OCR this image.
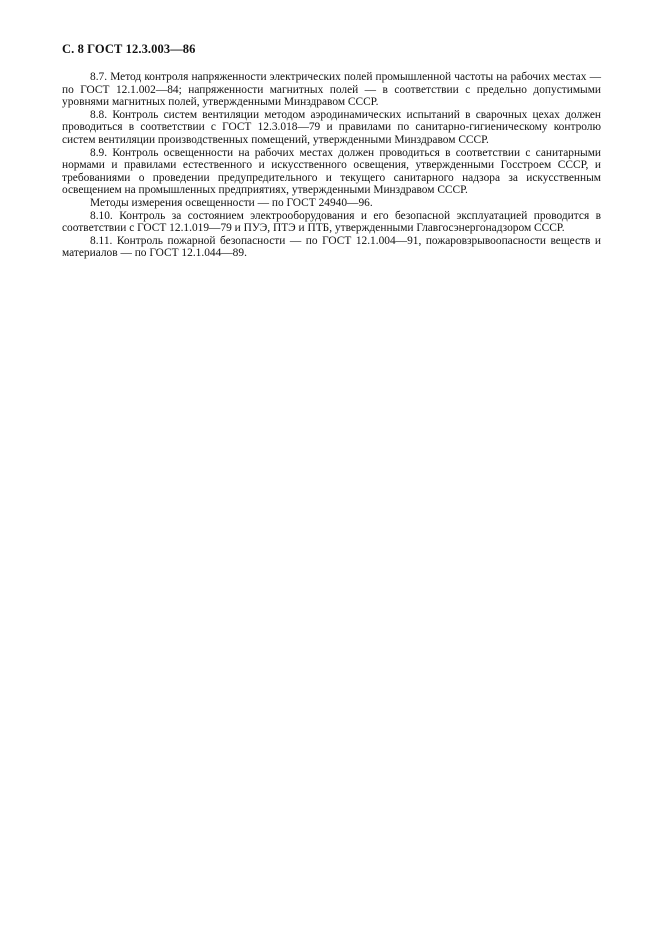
С. 8 ГОСТ 12.3.003—86

8.7. Метод контроля напряженности электрических полей промышленной частоты на рабочих местах — по ГОСТ 12.1.002—84; напряженности магнитных полей — в соответствии с предельно допустимыми уровнями магнитных полей, утвержденными Минздравом СССР.

8.8. Контроль систем вентиляции методом аэродинамических испытаний в сварочных цехах должен проводиться в соответствии с ГОСТ 12.3.018—79 и правилами по санитарно-гигиеническому контролю систем вентиляции производственных помещений, утвержденными Минздравом СССР.

8.9. Контроль освещенности на рабочих местах должен проводиться в соответствии с санитарными нормами и правилами естественного и искусственного освещения, утвержденными Госстроем СССР, и требованиями о проведении предупредительного и текущего санитарного надзора за искусственным освещением на промышленных предприятиях, утвержденными Минздравом СССР.

Методы измерения освещенности — по ГОСТ 24940—96.

8.10. Контроль за состоянием электрооборудования и его безопасной эксплуатацией проводится в соответствии с ГОСТ 12.1.019—79 и ПУЭ, ПТЭ и ПТБ, утвержденными Главгосэнергонадзором СССР.

8.11. Контроль пожарной безопасности — по ГОСТ 12.1.004—91, пожаровзрывоопасности веществ и материалов — по ГОСТ 12.1.044—89.
